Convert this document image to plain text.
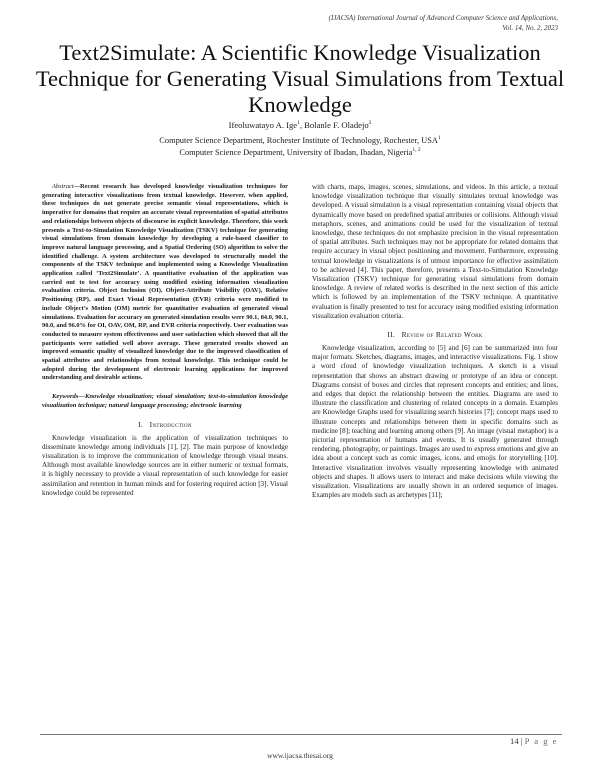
(IJACSA) International Journal of Advanced Computer Science and Applications,
Vol. 14, No. 2, 2023
Text2Simulate: A Scientific Knowledge Visualization Technique for Generating Visual Simulations from Textual Knowledge
Ifeoluwatayo A. Ige$^1$, Bolanle F. Oladejo$^2$
Computer Science Department, Rochester Institute of Technology, Rochester, USA$^1$
Computer Science Department, University of Ibadan, Ibadan, Nigeria$^{1, 2}$

Abstract—Recent research has developed knowledge visualization techniques for generating interactive visualizations from textual knowledge. However, when applied, these techniques do not generate precise semantic visual representations, which is imperative for domains that require an accurate visual representation of spatial attributes and relationships between objects of discourse in explicit knowledge. Therefore, this work presents a Text-to-Simulation Knowledge Visualization (TSKV) technique for generating visual simulations from domain knowledge by developing a rule-based classifier to improve natural language processing, and a Spatial Ordering (SO) algorithm to solve the identified challenge. A system architecture was developed to structurally model the components of the TSKV technique and implemented using a Knowledge Visualization application called ‘Text2Simulate’. A quantitative evaluation of the application was carried out to test for accuracy using modified existing information visualization evaluation criteria. Object Inclusion (OI), Object-Attribute Visibility (OAV), Relative Positioning (RP), and Exact Visual Representation (EVR) criteria were modified to include Object’s Motion (OM) metric for quantitative evaluation of generated visual simulations. Evaluation for accuracy on generated simulation results were 90.1, 84.0, 90.1, 90.0, and 96.0% for OI, OAV, OM, RP, and EVR criteria respectively. User evaluation was conducted to measure system effectiveness and user satisfaction which showed that all the participants were satisfied well above average. These generated results showed an improved semantic quality of visualized knowledge due to the improved classification of spatial attributes and relationships from textual knowledge. This technique could be adopted during the development of electronic learning applications for improved understanding and desirable actions.

Keywords—Knowledge visualization; visual simulation; text-to-simulation knowledge visualization technique; natural language processing; electronic learning

I. Introduction

Knowledge visualization is the application of visualization techniques to disseminate knowledge among individuals [1], [2]. The main purpose of knowledge visualization is to improve the communication of knowledge through visual means. Although most available knowledge sources are in either numeric or textual formats, it is highly necessary to provide a visual representation of such knowledge for easier assimilation and retention in human minds and for fostering required action [3]. Visual knowledge could be represented

with charts, maps, images, scenes, simulations, and videos. In this article, a textual knowledge visualization technique that visually simulates textual knowledge was developed. A visual simulation is a visual representation containing visual objects that dynamically move based on predefined spatial attributes or collisions. Although visual metaphors, scenes, and animations could be used for the visualization of textual knowledge, these techniques do not emphasize precision in the visual representation of spatial attributes. Such techniques may not be appropriate for related domains that require accuracy in visual object positioning and movement. Furthermore, expressing textual knowledge in visualizations is of utmost importance for effective assimilation to be achieved [4]. This paper, therefore, presents a Text-to-Simulation Knowledge Visualization (TSKV) technique for generating visual simulations from domain knowledge. A review of related works is described in the next section of this article which is followed by an implementation of the TSKV technique. A quantitative evaluation is finally presented to test for accuracy using modified existing information visualization evaluation criteria.

II. Review of Related Work

Knowledge visualization, according to [5] and [6] can be summarized into four major formats. Sketches, diagrams, images, and interactive visualizations. Fig. 1 show a word cloud of knowledge visualization techniques. A sketch is a visual representation that shows an abstract drawing or prototype of an idea or concept. Diagrams consist of boxes and circles that represent concepts and entities; and lines, and edges that depict the relationship between the entities. Diagrams are used to illustrate the classification and clustering of related concepts in a domain. Examples are Knowledge Graphs used for visualizing search histories [7]; concept maps used to illustrate concepts and relationships between them in specific domains such as medicine [8]; teaching and learning among others [9]. An image (visual metaphor) is a pictorial representation of humans and events. It is usually generated through rendering, photography, or paintings. Images are used to express emotions and give an idea about a concept such as comic images, icons, and emojis for storytelling [10]. Interactive visualization involves visually representing knowledge with animated objects and shapes. It allows users to interact and make decisions while viewing the visualization. Visualizations are usually shown in an ordered sequence of images. Examples are models such as archetypes [11];

14 | P a g e
www.ijacsa.thesai.org
